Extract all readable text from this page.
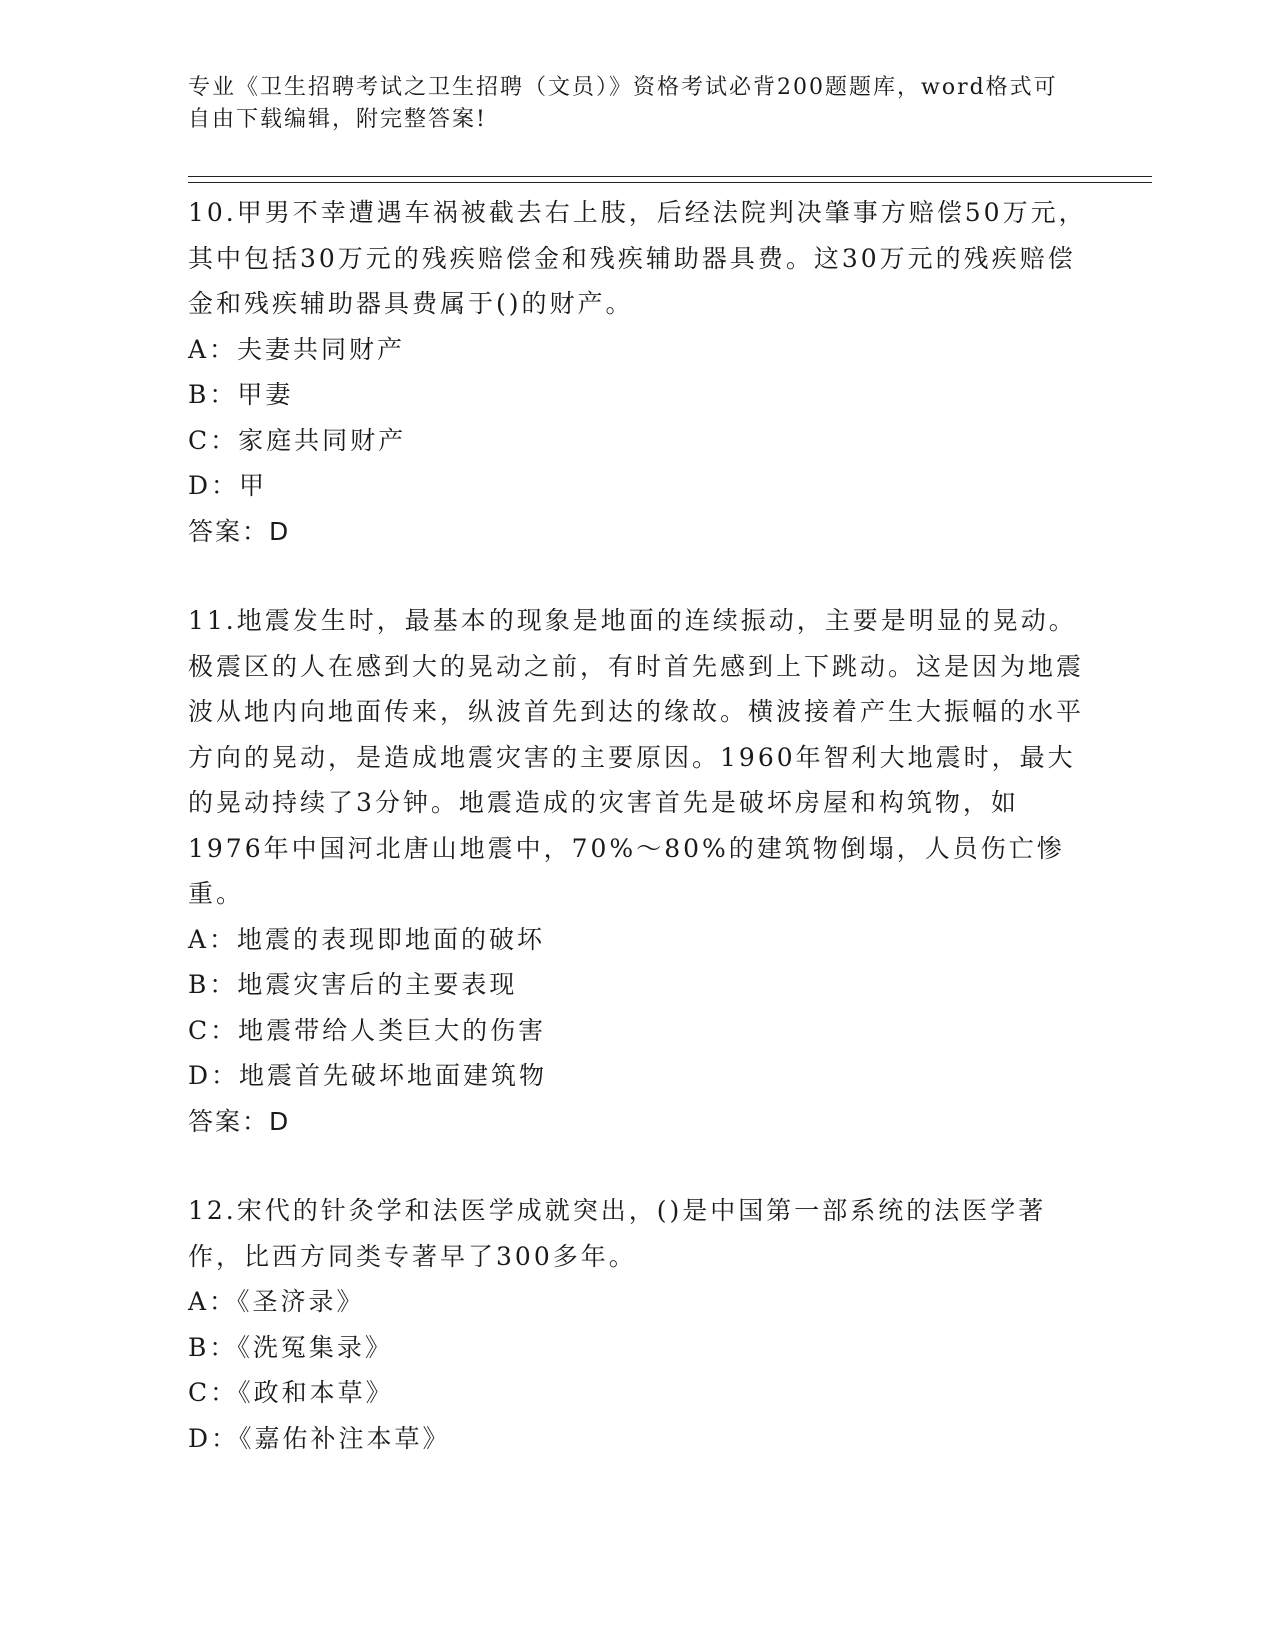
专业《卫生招聘考试之卫生招聘（文员）》资格考试必背200题题库，word格式可自由下载编辑，附完整答案!

10.甲男不幸遭遇车祸被截去右上肢，后经法院判决肇事方赔偿50万元，其中包括30万元的残疾赔偿金和残疾辅助器具费。这30万元的残疾赔偿金和残疾辅助器具费属于()的财产。

A：夫妻共同财产

B：甲妻

C：家庭共同财产

D：甲

答案：D

11.地震发生时，最基本的现象是地面的连续振动，主要是明显的晃动。极震区的人在感到大的晃动之前，有时首先感到上下跳动。这是因为地震波从地内向地面传来，纵波首先到达的缘故。横波接着产生大振幅的水平方向的晃动，是造成地震灾害的主要原因。1960年智利大地震时，最大的晃动持续了3分钟。地震造成的灾害首先是破坏房屋和构筑物，如1976年中国河北唐山地震中，70%～80%的建筑物倒塌，人员伤亡惨重。

A：地震的表现即地面的破坏

B：地震灾害后的主要表现

C：地震带给人类巨大的伤害

D：地震首先破坏地面建筑物

答案：D

12.宋代的针灸学和法医学成就突出，()是中国第一部系统的法医学著作，比西方同类专著早了300多年。

A：《圣济录》

B：《洗冤集录》

C：《政和本草》

D：《嘉佑补注本草》
